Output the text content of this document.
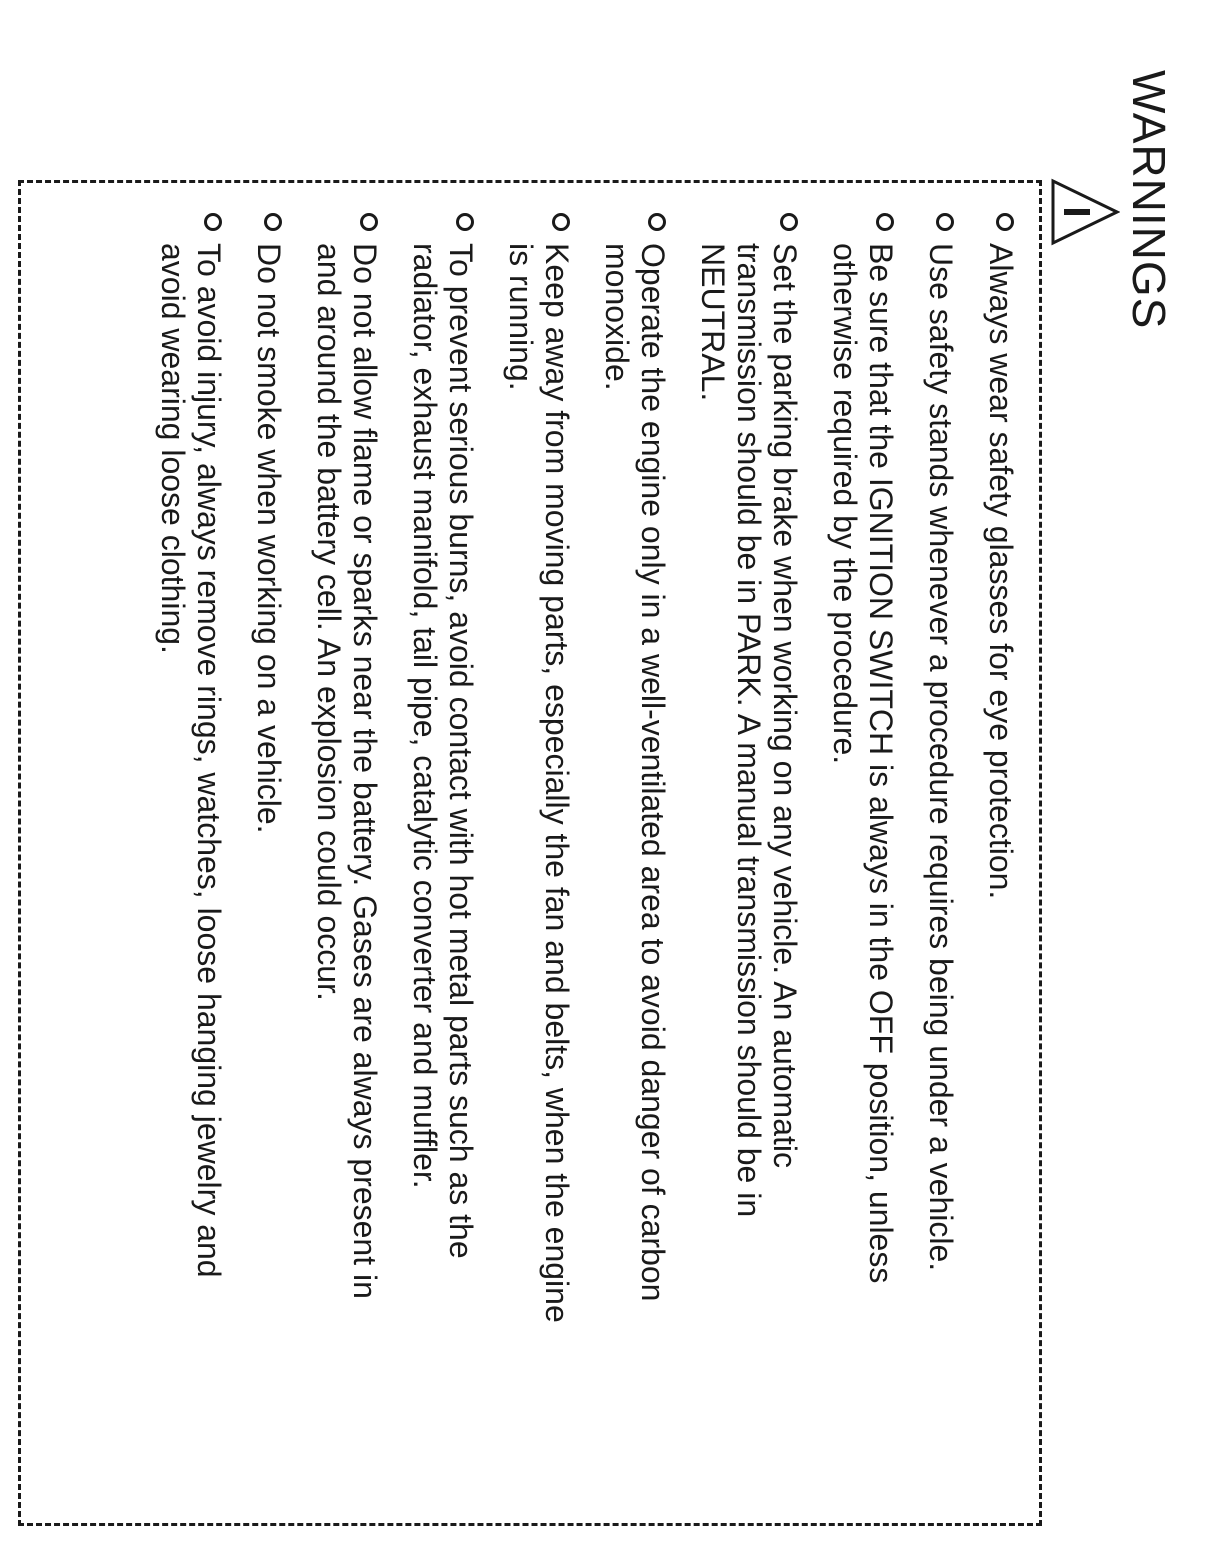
WARNINGS
Always wear safety glasses for eye protection.
Use safety stands whenever a procedure requires being under a vehicle.
Be sure that the IGNITION SWITCH is always in the OFF position, unless otherwise required by the procedure.
Set the parking brake when working on any vehicle. An automatic transmission should be in PARK. A manual transmission should be in NEUTRAL.
Operate the engine only in a well-ventilated area to avoid danger of carbon monoxide.
Keep away from moving parts, especially the fan and belts, when the engine is running.
To prevent serious burns, avoid contact with hot metal parts such as the radiator, exhaust manifold, tail pipe, catalytic converter and muffler.
Do not allow flame or sparks near the battery. Gases are always present in and around the battery cell. An explosion could occur.
Do not smoke when working on a vehicle.
To avoid injury, always remove rings, watches, loose hanging jewelry and avoid wearing loose clothing.
